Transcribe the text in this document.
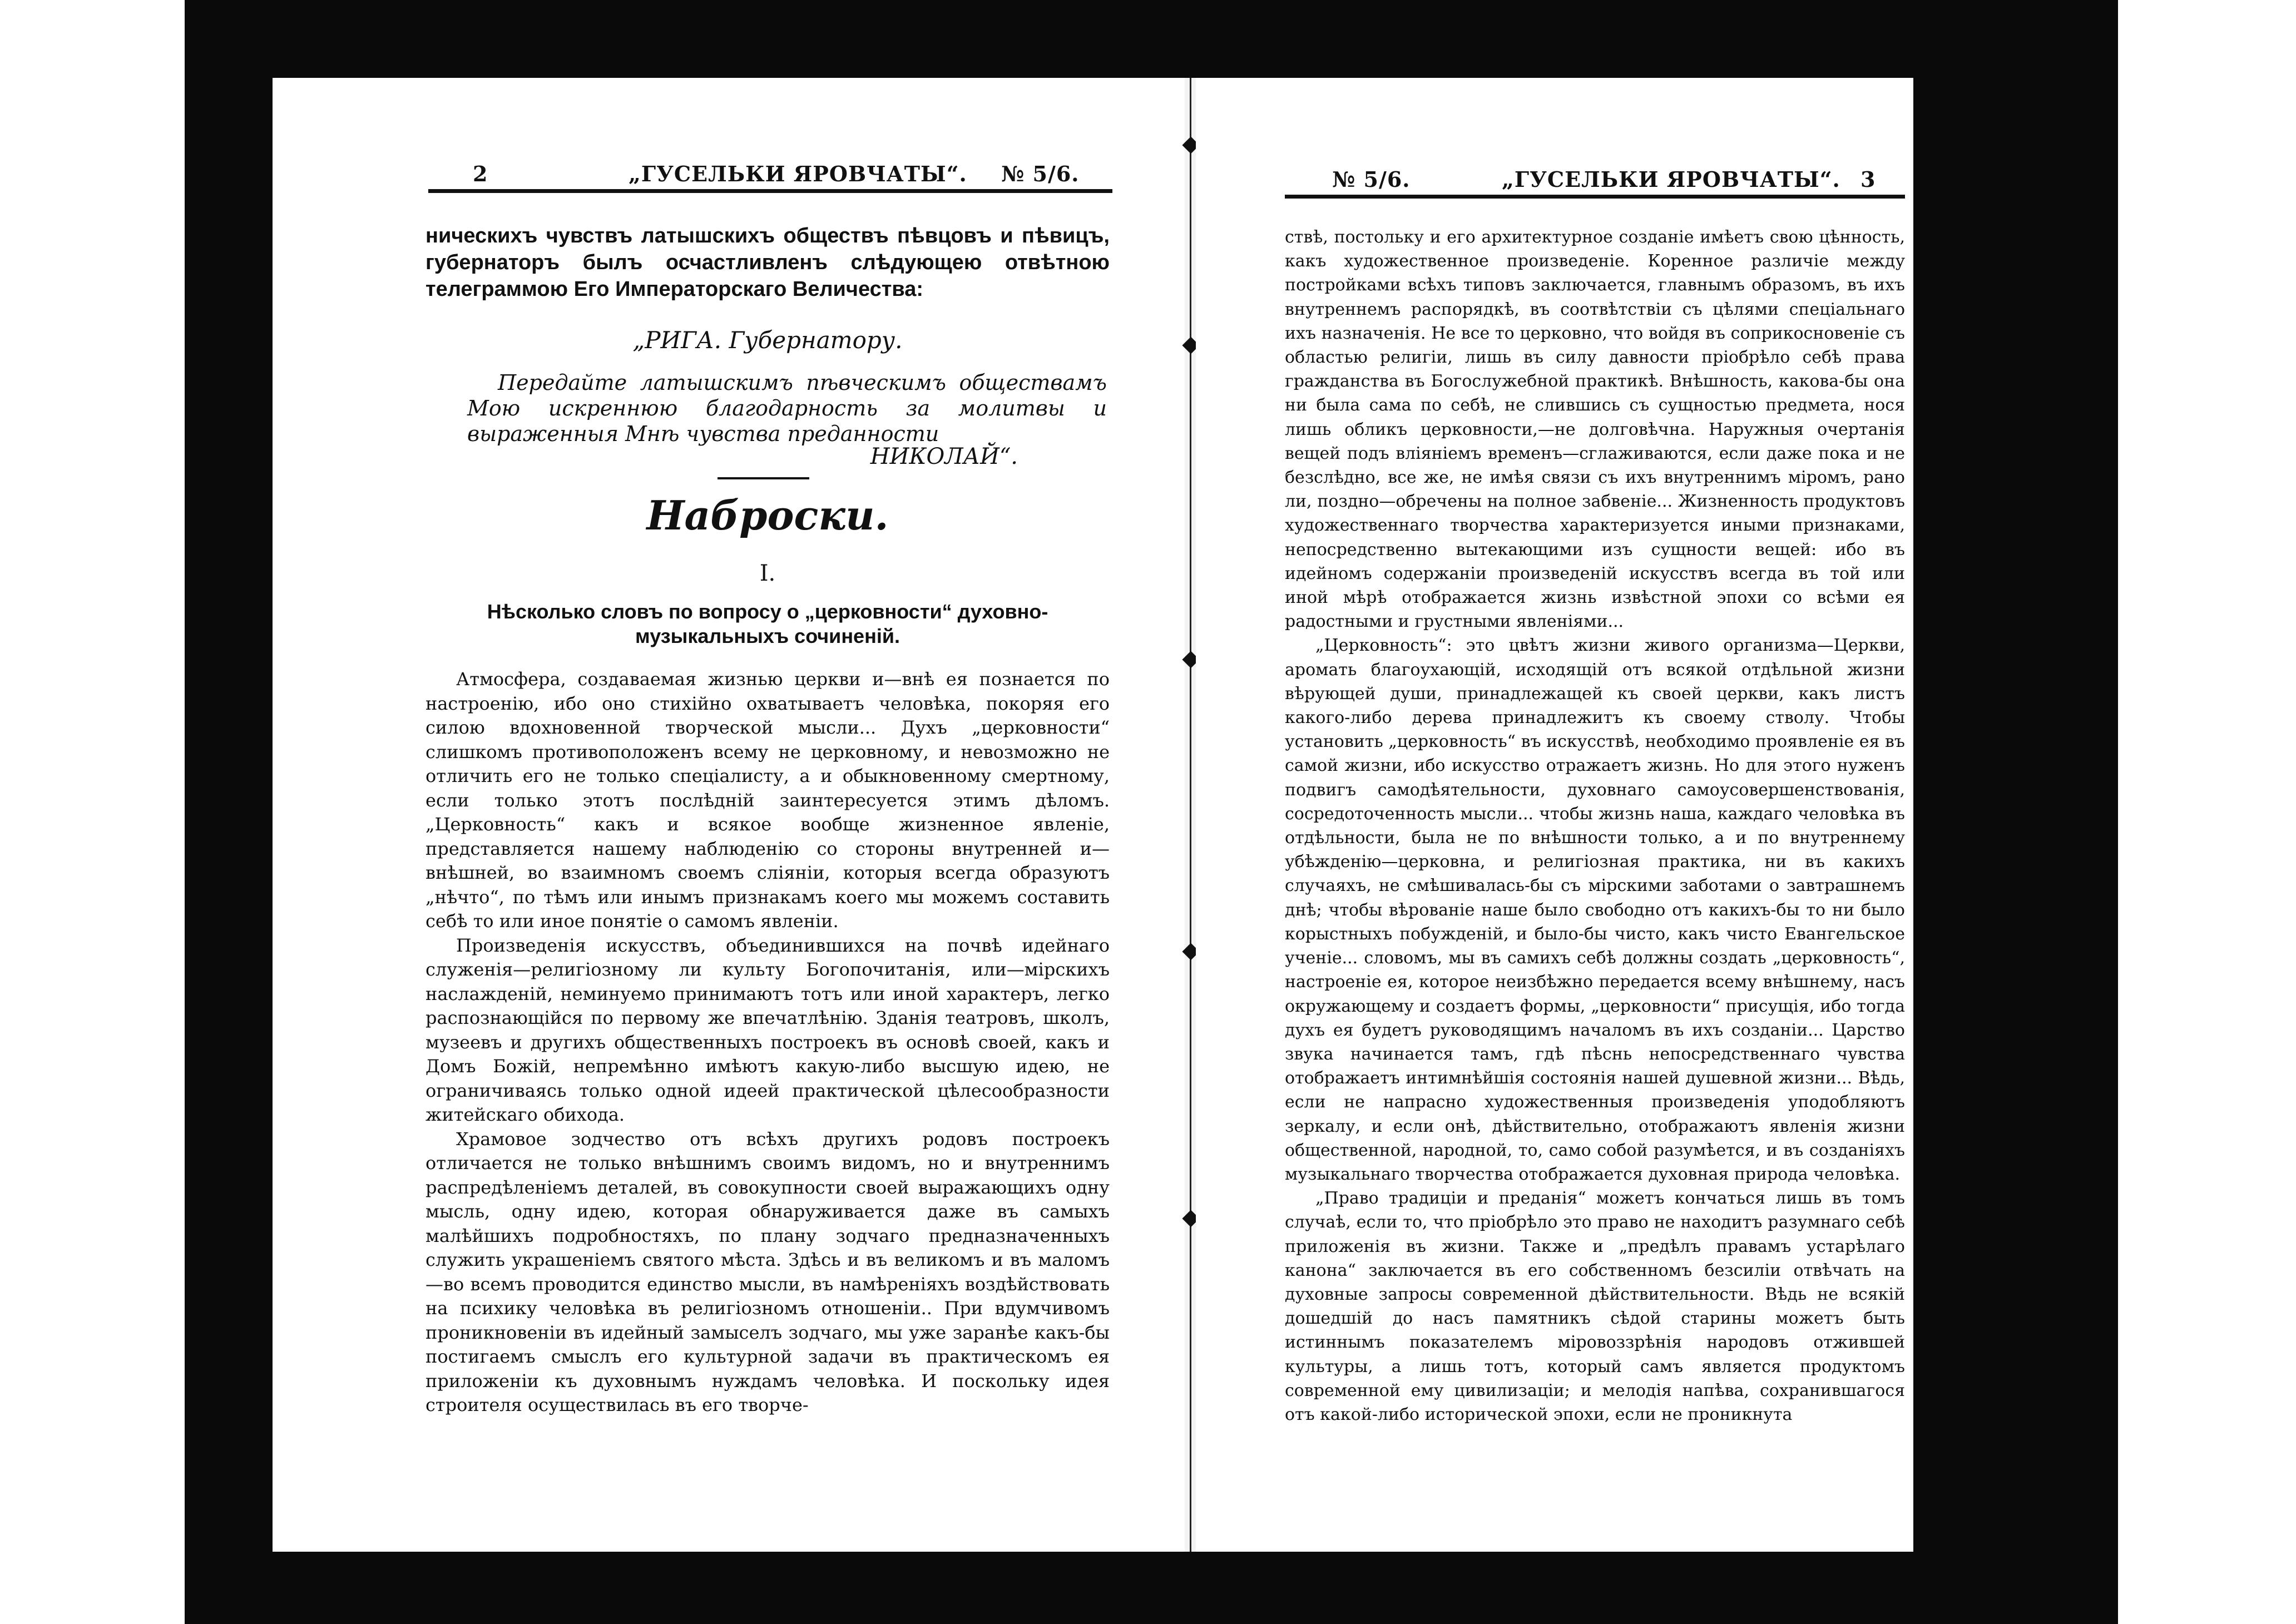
2	„ГУСЕЛЬКИ ЯРОВЧАТЫ“. № 5/6.
ническихъ чувствъ латышскихъ обществъ пѣвцовъ и пѣвицъ, губернаторъ былъ осчастливленъ слѣдующею отвѣтною телеграммою Его Императорскаго Величества:
„РИГА. Губернатору.
Передайте латышскимъ пѣвческимъ обществамъ Мою искреннюю благодарность за молитвы и выраженныя Мнѣ чувства преданности
НИКОЛАЙ“.
Наброски.
I.
Нѣсколько словъ по вопросу о „церковности“ духовно-музыкальныхъ сочиненій.

Атмосфера, создаваемая жизнью церкви и—внѣ ея познается по настроенію, ибо оно стихійно охватываетъ человѣка, покоряя его силою вдохновенной творческой мысли... Духъ „церковности“ слишкомъ противоположенъ всему не церковному, и невозможно не отличить его не только спеціалисту, а и обыкновенному смертному, если только этотъ послѣдній заинтересуется этимъ дѣломъ. „Церковность“ какъ и всякое вообще жизненное явленіе, представляется нашему наблюденію со стороны внутренней и—внѣшней, во взаимномъ своемъ сліяніи, которыя всегда образуютъ „нѣчто“, по тѣмъ или инымъ признакамъ коего мы можемъ составить себѣ то или иное понятіе о самомъ явленіи.

Произведенія искусствъ, объединившихся на почвѣ идейнаго служенія—религіозному ли культу Богопочитанія, или—мірскихъ наслажденій, неминуемо принимаютъ тотъ или иной характеръ, легко распознающійся по первому же впечатлѣнію. Зданія театровъ, школъ, музеевъ и другихъ общественныхъ построекъ въ основѣ своей, какъ и Домъ Божій, непремѣнно имѣютъ какую-либо высшую идею, не ограничиваясь только одной идеей практической цѣлесообразности житейскаго обихода.

Храмовое зодчество отъ всѣхъ другихъ родовъ построекъ отличается не только внѣшнимъ своимъ видомъ, но и внутреннимъ распредѣленіемъ деталей, въ совокупности своей выражающихъ одну мысль, одну идею, которая обнаруживается даже въ самыхъ малѣйшихъ подробностяхъ, по плану зодчаго предназначенныхъ служить украшеніемъ святого мѣста. Здѣсь и въ великомъ и въ маломъ—во всемъ проводится единство мысли, въ намѣреніяхъ воздѣйствовать на психику человѣка въ религіозномъ отношеніи.. При вдумчивомъ проникновеніи въ идейный замыселъ зодчаго, мы уже заранѣе какъ-бы постигаемъ смыслъ его культурной задачи въ практическомъ ея приложеніи къ духовнымъ нуждамъ человѣка. И поскольку идея строителя осуществилась въ его творче-

№ 5/6.	„ГУСЕЛЬКИ ЯРОВЧАТЫ“. 3

ствѣ, постольку и его архитектурное созданіе имѣетъ свою цѣнность, какъ художественное произведеніе. Коренное различіе между постройками всѣхъ типовъ заключается, главнымъ образомъ, въ ихъ внутреннемъ распорядкѣ, въ соотвѣтствіи съ цѣлями спеціальнаго ихъ назначенія. Не все то церковно, что войдя въ соприкосновеніе съ областью религіи, лишь въ силу давности пріобрѣло себѣ права гражданства въ Богослужебной практикѣ. Внѣшность, какова-бы она ни была сама по себѣ, не слившись съ сущностью предмета, нося лишь обликъ церковности,—не долговѣчна. Наружныя очертанія вещей подъ вліяніемъ временъ—сглаживаются, если даже пока и не безслѣдно, все же, не имѣя связи съ ихъ внутреннимъ міромъ, рано ли, поздно—обречены на полное забвеніе... Жизненность продуктовъ художественнаго творчества характеризуется иными признаками, непосредственно вытекающими изъ сущности вещей: ибо въ идейномъ содержаніи произведеній искусствъ всегда въ той или иной мѣрѣ отображается жизнь извѣстной эпохи со всѣми ея радостными и грустными явленіями...

„Церковность“: это цвѣтъ жизни живого организма—Церкви, аромать благоухающій, исходящій отъ всякой отдѣльной жизни вѣрующей души, принадлежащей къ своей церкви, какъ листъ какого-либо дерева принадлежитъ къ своему стволу. Чтобы установить „церковность“ въ искусствѣ, необходимо проявленіе ея въ самой жизни, ибо искусство отражаетъ жизнь. Но для этого нуженъ подвигъ самодѣятельности, духовнаго самоусовершенствованія, сосредоточенность мысли... чтобы жизнь наша, каждаго человѣка въ отдѣльности, была не по внѣшности только, а и по внутреннему убѣжденію—церковна, и религіозная практика, ни въ какихъ случаяхъ, не смѣшивалась-бы съ мірскими заботами о завтрашнемъ днѣ; чтобы вѣрованіе наше было свободно отъ какихъ-бы то ни было корыстныхъ побужденій, и было-бы чисто, какъ чисто Евангельское ученіе... словомъ, мы въ самихъ себѣ должны создать „церковность“, настроеніе ея, которое неизбѣжно передается всему внѣшнему, насъ окружающему и создаетъ формы, „церковности“ присущія, ибо тогда духъ ея будетъ руководящимъ началомъ въ ихъ созданіи... Царство звука начинается тамъ, гдѣ пѣснь непосредственнаго чувства отображаетъ интимнѣйшія состоянія нашей душевной жизни... Вѣдь, если не напрасно художественныя произведенія уподобляютъ зеркалу, и если онѣ, дѣйствительно, отображаютъ явленія жизни общественной, народной, то, само собой разумѣется, и въ созданіяхъ музыкальнаго творчества отображается духовная природа человѣка.

„Право традиціи и преданія“ можетъ кончаться лишь въ томъ случаѣ, если то, что пріобрѣло это право не находитъ разумнаго себѣ приложенія въ жизни. Также и „предѣлъ правамъ устарѣлаго канона“ заключается въ его собственномъ безсиліи отвѣчать на духовные запросы современной дѣйствительности. Вѣдь не всякій дошедшій до насъ памятникъ сѣдой старины можетъ быть истиннымъ показателемъ міровоззрѣнія народовъ отжившей культуры, а лишь тотъ, который самъ является продуктомъ современной ему цивилизаціи; и мелодія напѣва, сохранившагося отъ какой-либо исторической эпохи, если не проникнута
